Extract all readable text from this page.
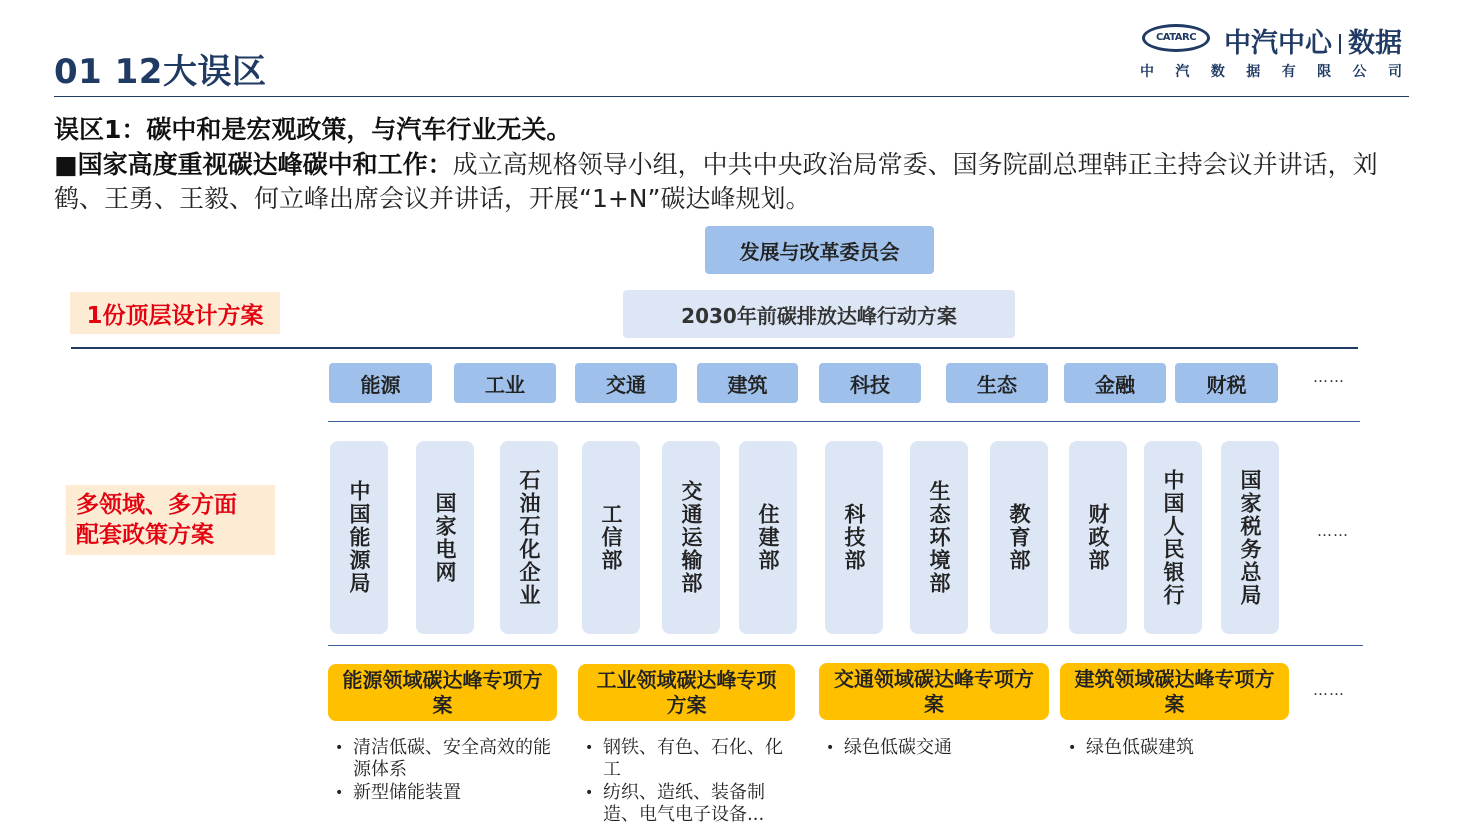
01 12大误区
CATARC	中汽中心 数据
中 汽 数 据 有 限 公 司
误区1：碳中和是宏观政策，与汽车行业无关。
■国家高度重视碳达峰碳中和工作：成立高规格领导小组，中共中央政治局常委、国务院副总理韩正主持会议并讲话，刘鹤、王勇、王毅、何立峰出席会议并讲话，开展“1+N”碳达峰规划。
发展与改革委员会
1份顶层设计方案	2030年前碳排放达峰行动方案
能源	工业	交通	建筑	科技	生态	金融	财税	……
多领域、多方面
配套政策方案	中国能源局	国家电网	石油石化企业	工信部	交通运输部	住建部	科技部	生态环境部	教育部	财政部 中国人民银行	国家税务总局	……
能源领域碳达峰专项方案
工业领域碳达峰专项方案
交通领域碳达峰专项方案
建筑领域碳达峰专项方案
……
• 清洁低碳、安全高效的能源体系
• 新型储能装置
• 钢铁、有色、石化、化工
• 纺织、造纸、装备制造、电气电子设备...
• 绿色低碳交通
•	绿色低碳建筑
